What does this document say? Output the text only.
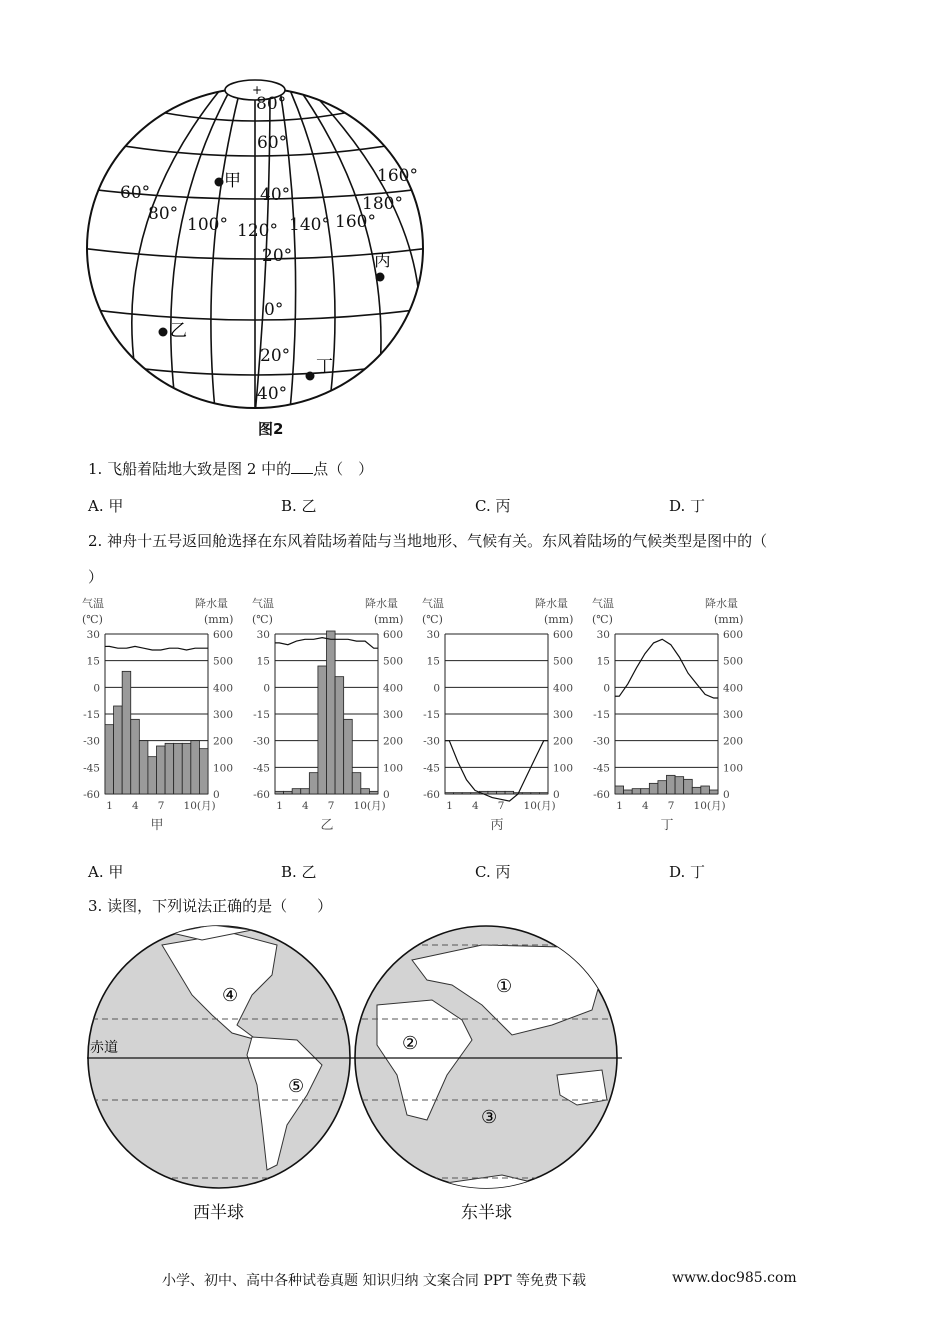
+
80°
60°
40°
20°
0°
20°
40°
60°
80°
100° 120° 140° 160°
180°
160°
甲
乙
丙
丁
图2
1. 飞船着陆地大致是图 2 中的 点（　）
A. 甲	B. 乙	C. 丙	D. 丁
2. 神舟十五号返回舱选择在东风着陆场着陆与当地地形、气候有关。东风着陆场的气候类型是图中的（
）
气温
(℃)
降水量
(mm)
30	600
15	500
0	400
-15	300
-30	200
-45	100
-60	0
1 4 7 10(月)
甲
气温
(℃)
降水量
(mm)
30	600
15	500
0	400
-15	300
-30	200
-45	100
-60	0
1 4 7 10(月)
乙
气温
(℃)
降水量
(mm)
30	600
15	500
0	400
-15	300
-30	200
-45	100
-60	0
1 4 7 10(月)
丙
气温
(℃)
降水量
(mm)
30	600
15	500
0	400
-15	300
-30	200
-45	100
-60	0
1 4 7 10(月)
丁
A. 甲	B. 乙	C. 丙	D. 丁
3. 读图，下列说法正确的是（　　）
赤道
④
⑤
①
②
③
西半球	东半球
小学、初中、高中各种试卷真题 知识归纳 文案合同 PPT 等免费下载	www.doc985.com
